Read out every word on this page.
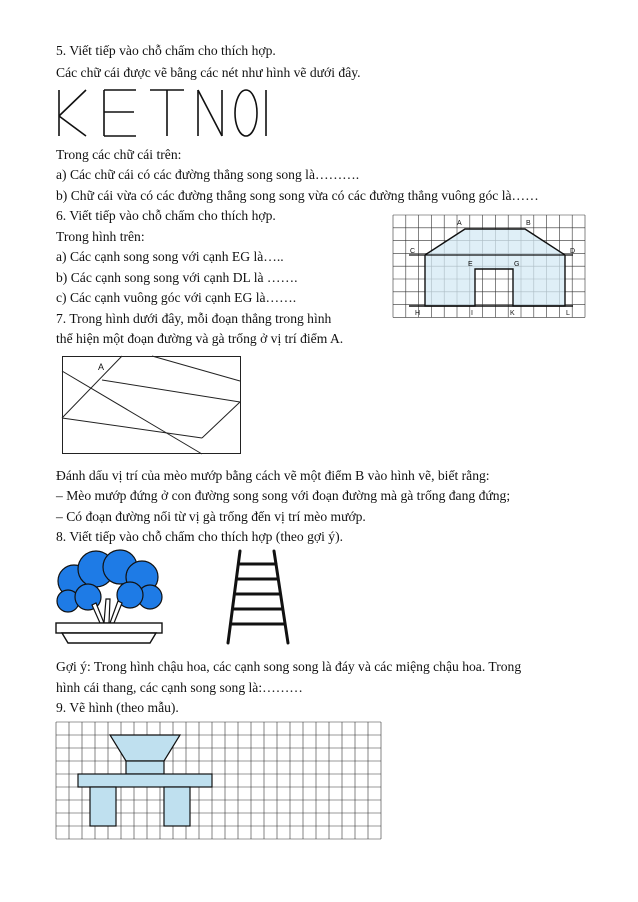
5. Viết tiếp vào chỗ chấm cho thích hợp.
Các chữ cái được vẽ bằng các nét như hình vẽ dưới đây.
Trong các chữ cái trên:
a) Các chữ cái có các đường thẳng song song là……….
b) Chữ cái vừa có các đường thẳng song song vừa có các đường thẳng vuông góc là……
6. Viết tiếp vào chỗ chấm cho thích hợp.
Trong hình trên:
a) Các cạnh song song với cạnh EG là…..
b) Các cạnh song song với cạnh DL là …….
c) Các cạnh vuông góc với cạnh EG là…….
A	B
C	D
E	G
H	I	K	L
7. Trong hình dưới đây, mỗi đoạn thẳng trong hình
thể hiện một đoạn đường và gà trống ở vị trí điểm A.
A
Đánh dấu vị trí của mèo mướp bằng cách vẽ một điểm B vào hình vẽ, biết rằng:
– Mèo mướp đứng ở con đường song song với đoạn đường mà gà trống đang đứng;
– Có đoạn đường nối từ vị gà trống đến vị trí mèo mướp.
8. Viết tiếp vào chỗ chấm cho thích hợp (theo gợi ý).
Gợi ý: Trong hình chậu hoa, các cạnh song song là đáy và các miệng chậu hoa. Trong
hình cái thang, các cạnh song song là:………
9. Vẽ hình (theo mẫu).
